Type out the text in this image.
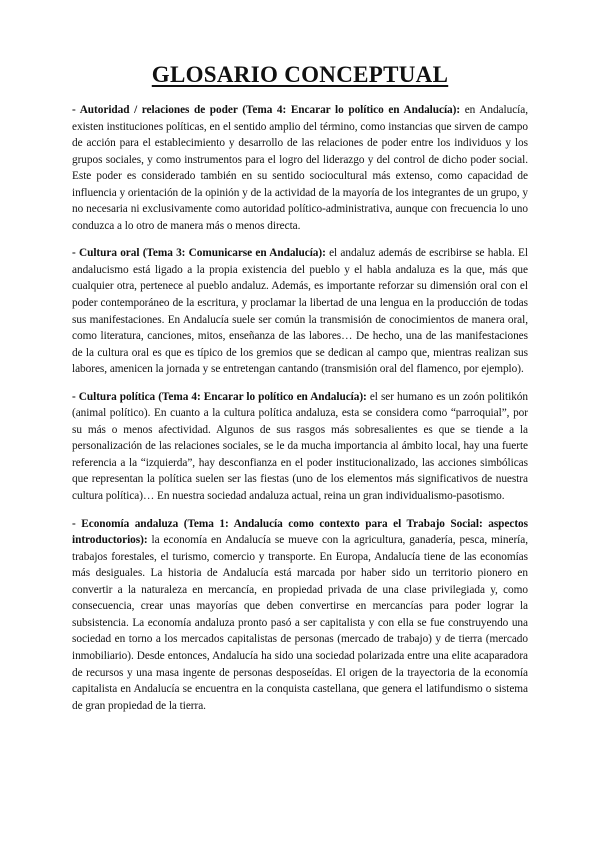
GLOSARIO CONCEPTUAL

- Autoridad / relaciones de poder (Tema 4: Encarar lo político en Andalucía): en Andalucía, existen instituciones políticas, en el sentido amplio del término, como instancias que sirven de campo de acción para el establecimiento y desarrollo de las relaciones de poder entre los individuos y los grupos sociales, y como instrumentos para el logro del liderazgo y del control de dicho poder social. Este poder es considerado también en su sentido sociocultural más extenso, como capacidad de influencia y orientación de la opinión y de la actividad de la mayoría de los integrantes de un grupo, y no necesaria ni exclusivamente como autoridad político-administrativa, aunque con frecuencia lo uno conduzca a lo otro de manera más o menos directa.

- Cultura oral (Tema 3: Comunicarse en Andalucía): el andaluz además de escribirse se habla. El andalucismo está ligado a la propia existencia del pueblo y el habla andaluza es la que, más que cualquier otra, pertenece al pueblo andaluz. Además, es importante reforzar su dimensión oral con el poder contemporáneo de la escritura, y proclamar la libertad de una lengua en la producción de todas sus manifestaciones. En Andalucía suele ser común la transmisión de conocimientos de manera oral, como literatura, canciones, mitos, enseñanza de las labores… De hecho, una de las manifestaciones de la cultura oral es que es típico de los gremios que se dedican al campo que, mientras realizan sus labores, amenicen la jornada y se entretengan cantando (transmisión oral del flamenco, por ejemplo).

- Cultura política (Tema 4: Encarar lo político en Andalucía): el ser humano es un zoón politikón (animal político). En cuanto a la cultura política andaluza, esta se considera como “parroquial”, por su más o menos afectividad. Algunos de sus rasgos más sobresalientes es que se tiende a la personalización de las relaciones sociales, se le da mucha importancia al ámbito local, hay una fuerte referencia a la “izquierda”, hay desconfianza en el poder institucionalizado, las acciones simbólicas que representan la política suelen ser las fiestas (uno de los elementos más significativos de nuestra cultura política)… En nuestra sociedad andaluza actual, reina un gran individualismo-pasotismo.

- Economía andaluza (Tema 1: Andalucía como contexto para el Trabajo Social: aspectos introductorios): la economía en Andalucía se mueve con la agricultura, ganadería, pesca, minería, trabajos forestales, el turismo, comercio y transporte. En Europa, Andalucía tiene de las economías más desiguales. La historia de Andalucía está marcada por haber sido un territorio pionero en convertir a la naturaleza en mercancía, en propiedad privada de una clase privilegiada y, como consecuencia, crear unas mayorías que deben convertirse en mercancías para poder lograr la subsistencia. La economía andaluza pronto pasó a ser capitalista y con ella se fue construyendo una sociedad en torno a los mercados capitalistas de personas (mercado de trabajo) y de tierra (mercado inmobiliario). Desde entonces, Andalucía ha sido una sociedad polarizada entre una elite acaparadora de recursos y una masa ingente de personas desposeídas. El origen de la trayectoria de la economía capitalista en Andalucía se encuentra en la conquista castellana, que genera el latifundismo o sistema de gran propiedad de la tierra.
